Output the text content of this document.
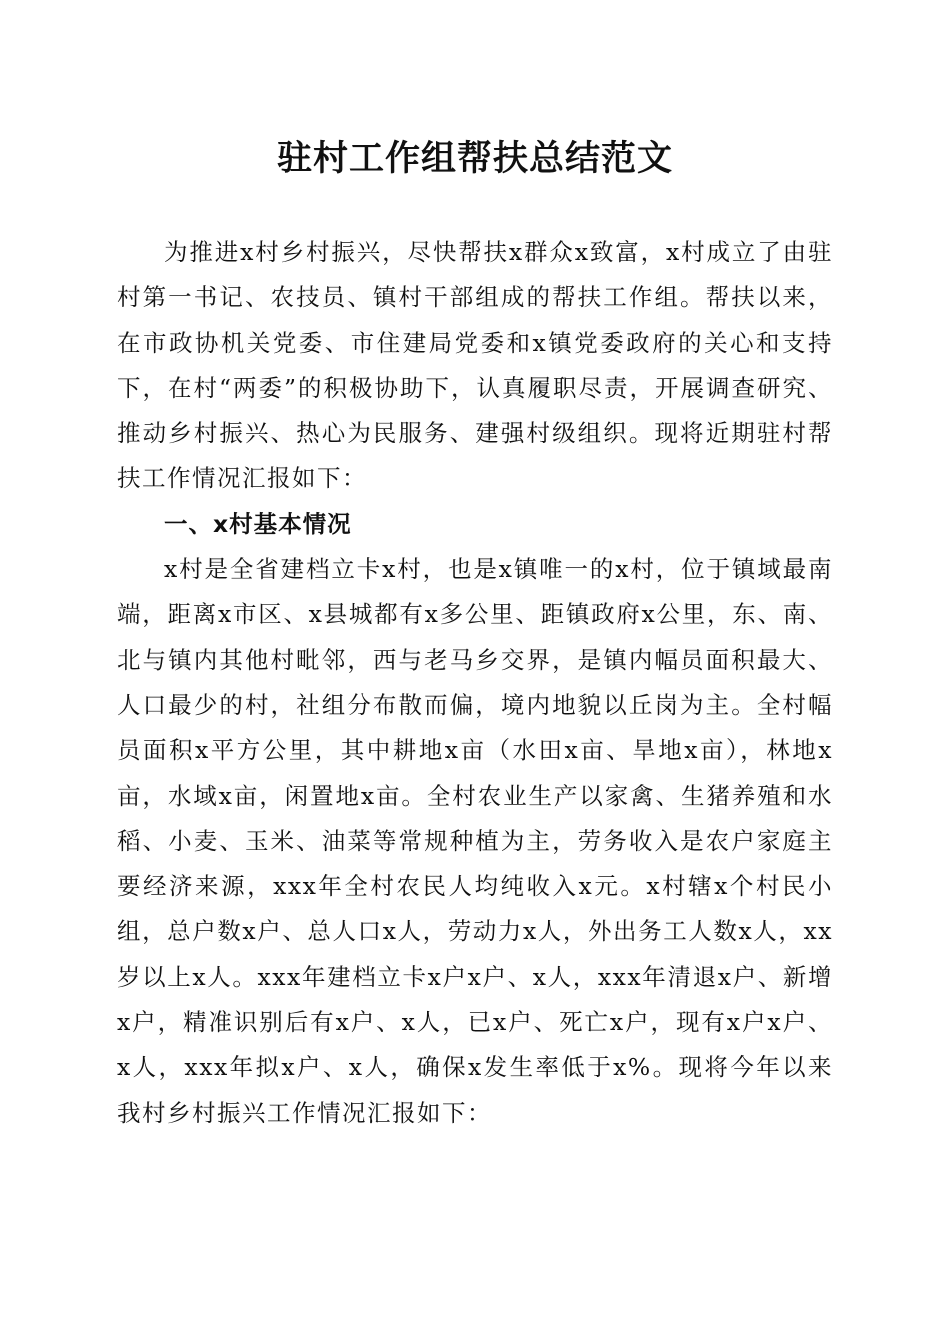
驻村工作组帮扶总结范文

为推进x村乡村振兴，尽快帮扶x群众x致富，x村成立了由驻村第一书记、农技员、镇村干部组成的帮扶工作组。帮扶以来，在市政协机关党委、市住建局党委和x镇党委政府的关心和支持下，在村“两委”的积极协助下，认真履职尽责，开展调查研究、推动乡村振兴、热心为民服务、建强村级组织。现将近期驻村帮扶工作情况汇报如下：

一、x村基本情况

x村是全省建档立卡x村，也是x镇唯一的x村，位于镇域最南端，距离x市区、x县城都有x多公里、距镇政府x公里，东、南、北与镇内其他村毗邻，西与老马乡交界，是镇内幅员面积最大、人口最少的村，社组分布散而偏，境内地貌以丘岗为主。全村幅员面积x平方公里，其中耕地x亩（水田x亩、旱地x亩），林地x亩，水域x亩，闲置地x亩。全村农业生产以家禽、生猪养殖和水稻、小麦、玉米、油菜等常规种植为主，劳务收入是农户家庭主要经济来源，xxx年全村农民人均纯收入x元。x村辖x个村民小组，总户数x户、总人口x人，劳动力x人，外出务工人数x人，xx岁以上x人。xxx年建档立卡x户x户、x人，xxx年清退x户、新增x户，精准识别后有x户、x人，已x户、死亡x户，现有x户x户、x人，xxx年拟x户、x人，确保x发生率低于x%。现将今年以来我村乡村振兴工作情况汇报如下：
